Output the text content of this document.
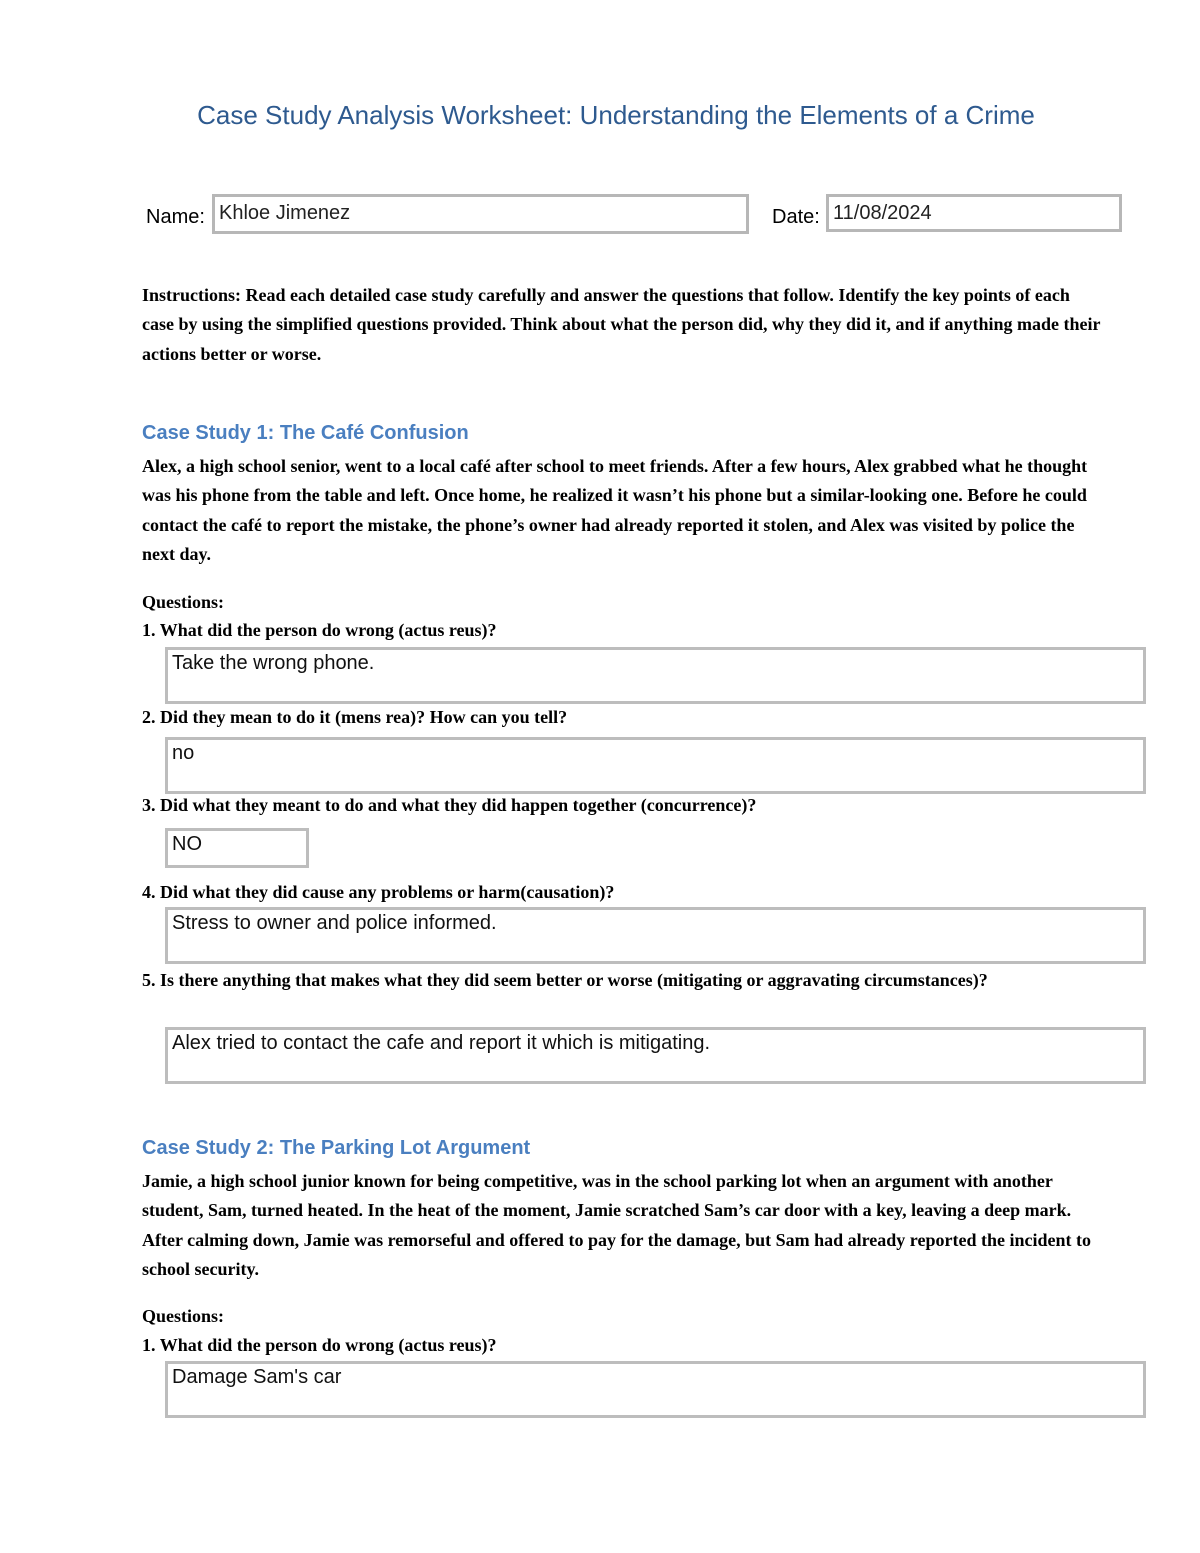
Case Study Analysis Worksheet: Understanding the Elements of a Crime
Name: Khloe Jimenez	Date: 11/08/2024

Instructions: Read each detailed case study carefully and answer the questions that follow. Identify the key points of each case by using the simplified questions provided. Think about what the person did, why they did it, and if anything made their actions better or worse.

Case Study 1: The Café Confusion

Alex, a high school senior, went to a local café after school to meet friends. After a few hours, Alex grabbed what he thought was his phone from the table and left. Once home, he realized it wasn’t his phone but a similar-looking one. Before he could contact the café to report the mistake, the phone’s owner had already reported it stolen, and Alex was visited by police the next day.

Questions:
1. What did the person do wrong (actus reus)?
Take the wrong phone.
2. Did they mean to do it (mens rea)? How can you tell?
no
3. Did what they meant to do and what they did happen together (concurrence)?
NO
4. Did what they did cause any problems or harm(causation)?
Stress to owner and police informed.
5. Is there anything that makes what they did seem better or worse (mitigating or aggravating circumstances)?
Alex tried to contact the cafe and report it which is mitigating.
Case Study 2: The Parking Lot Argument

Jamie, a high school junior known for being competitive, was in the school parking lot when an argument with another student, Sam, turned heated. In the heat of the moment, Jamie scratched Sam’s car door with a key, leaving a deep mark. After calming down, Jamie was remorseful and offered to pay for the damage, but Sam had already reported the incident to school security.

Questions:
1. What did the person do wrong (actus reus)?
Damage Sam's car
